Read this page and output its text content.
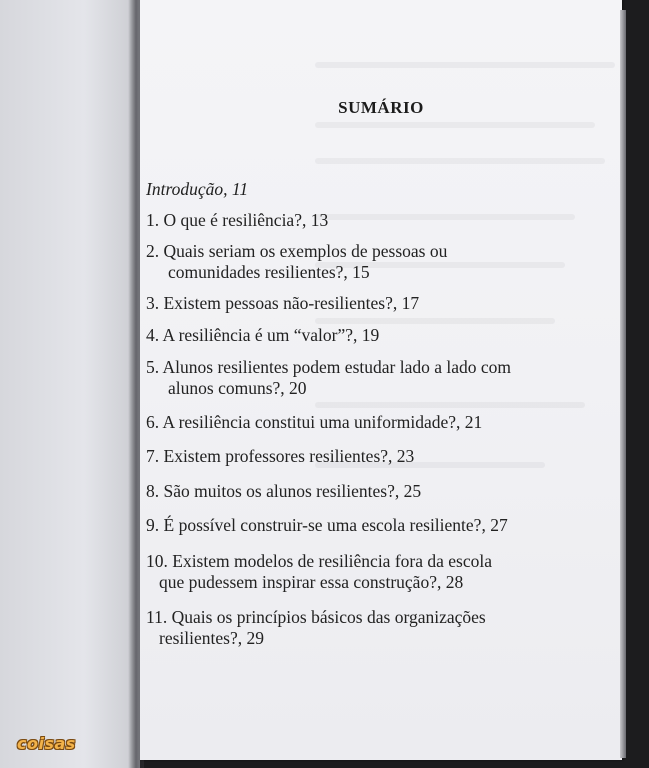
SUMÁRIO
Introdução, 11
1. O que é resiliência?, 13
2. Quais seriam os exemplos de pessoas ou
comunidades resilientes?, 15
3. Existem pessoas não-resilientes?, 17
4. A resiliência é um “valor”?, 19
5. Alunos resilientes podem estudar lado a lado com
alunos comuns?, 20
6. A resiliência constitui uma uniformidade?, 21
7. Existem professores resilientes?, 23
8. São muitos os alunos resilientes?, 25
9. É possível construir-se uma escola resiliente?, 27
10. Existem modelos de resiliência fora da escola
que pudessem inspirar essa construção?, 28
11. Quais os princípios básicos das organizações
resilientes?, 29
coisas
